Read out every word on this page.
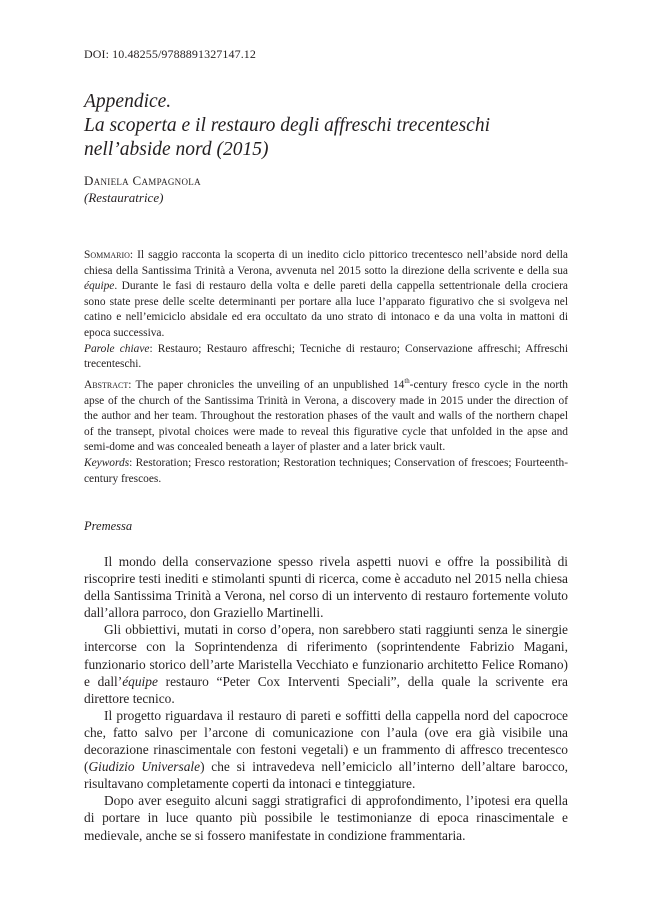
DOI: 10.48255/9788891327147.12
Appendice.
La scoperta e il restauro degli affreschi trecenteschi
nell’abside nord (2015)
Daniela Campagnola
(Restauratrice)
Sommario: Il saggio racconta la scoperta di un inedito ciclo pittorico trecentesco nell’abside nord della chiesa della Santissima Trinità a Verona, avvenuta nel 2015 sotto la direzione della scrivente e della sua équipe. Durante le fasi di restauro della volta e delle pareti della cappella settentrionale della crociera sono state prese delle scelte determinanti per portare alla luce l’apparato figurativo che si svolgeva nel catino e nell’emiciclo absidale ed era occultato da uno strato di intonaco e da una volta in mattoni di epoca successiva.
Parole chiave: Restauro; Restauro affreschi; Tecniche di restauro; Conservazione affreschi; Affreschi trecenteschi.
Abstract: The paper chronicles the unveiling of an unpublished 14th-century fresco cycle in the north apse of the church of the Santissima Trinità in Verona, a discovery made in 2015 under the direction of the author and her team. Throughout the restoration phases of the vault and walls of the northern chapel of the transept, pivotal choices were made to reveal this figurative cycle that unfolded in the apse and semi-dome and was concealed beneath a layer of plaster and a later brick vault.
Keywords: Restoration; Fresco restoration; Restoration techniques; Conservation of frescoes; Fourteenth-century frescoes.
Premessa

Il mondo della conservazione spesso rivela aspetti nuovi e offre la possibilità di riscoprire testi inediti e stimolanti spunti di ricerca, come è accaduto nel 2015 nella chiesa della Santissima Trinità a Verona, nel corso di un intervento di restauro fortemente voluto dall’allora parroco, don Graziello Martinelli.

Gli obbiettivi, mutati in corso d’opera, non sarebbero stati raggiunti senza le sinergie intercorse con la Soprintendenza di riferimento (soprintendente Fabrizio Magani, funzionario storico dell’arte Maristella Vecchiato e funzionario architetto Felice Romano) e dall’équipe restauro “Peter Cox Interventi Speciali”, della quale la scrivente era direttore tecnico.

Il progetto riguardava il restauro di pareti e soffitti della cappella nord del capocroce che, fatto salvo per l’arcone di comunicazione con l’aula (ove era già visibile una decorazione rinascimentale con festoni vegetali) e un frammento di affresco trecentesco (Giudizio Universale) che si intravedeva nell’emiciclo all’interno dell’altare barocco, risultavano completamente coperti da intonaci e tinteggiature.

Dopo aver eseguito alcuni saggi stratigrafici di approfondimento, l’ipotesi era quella di portare in luce quanto più possibile le testimonianze di epoca rinascimentale e medievale, anche se si fossero manifestate in condizione frammentaria.
